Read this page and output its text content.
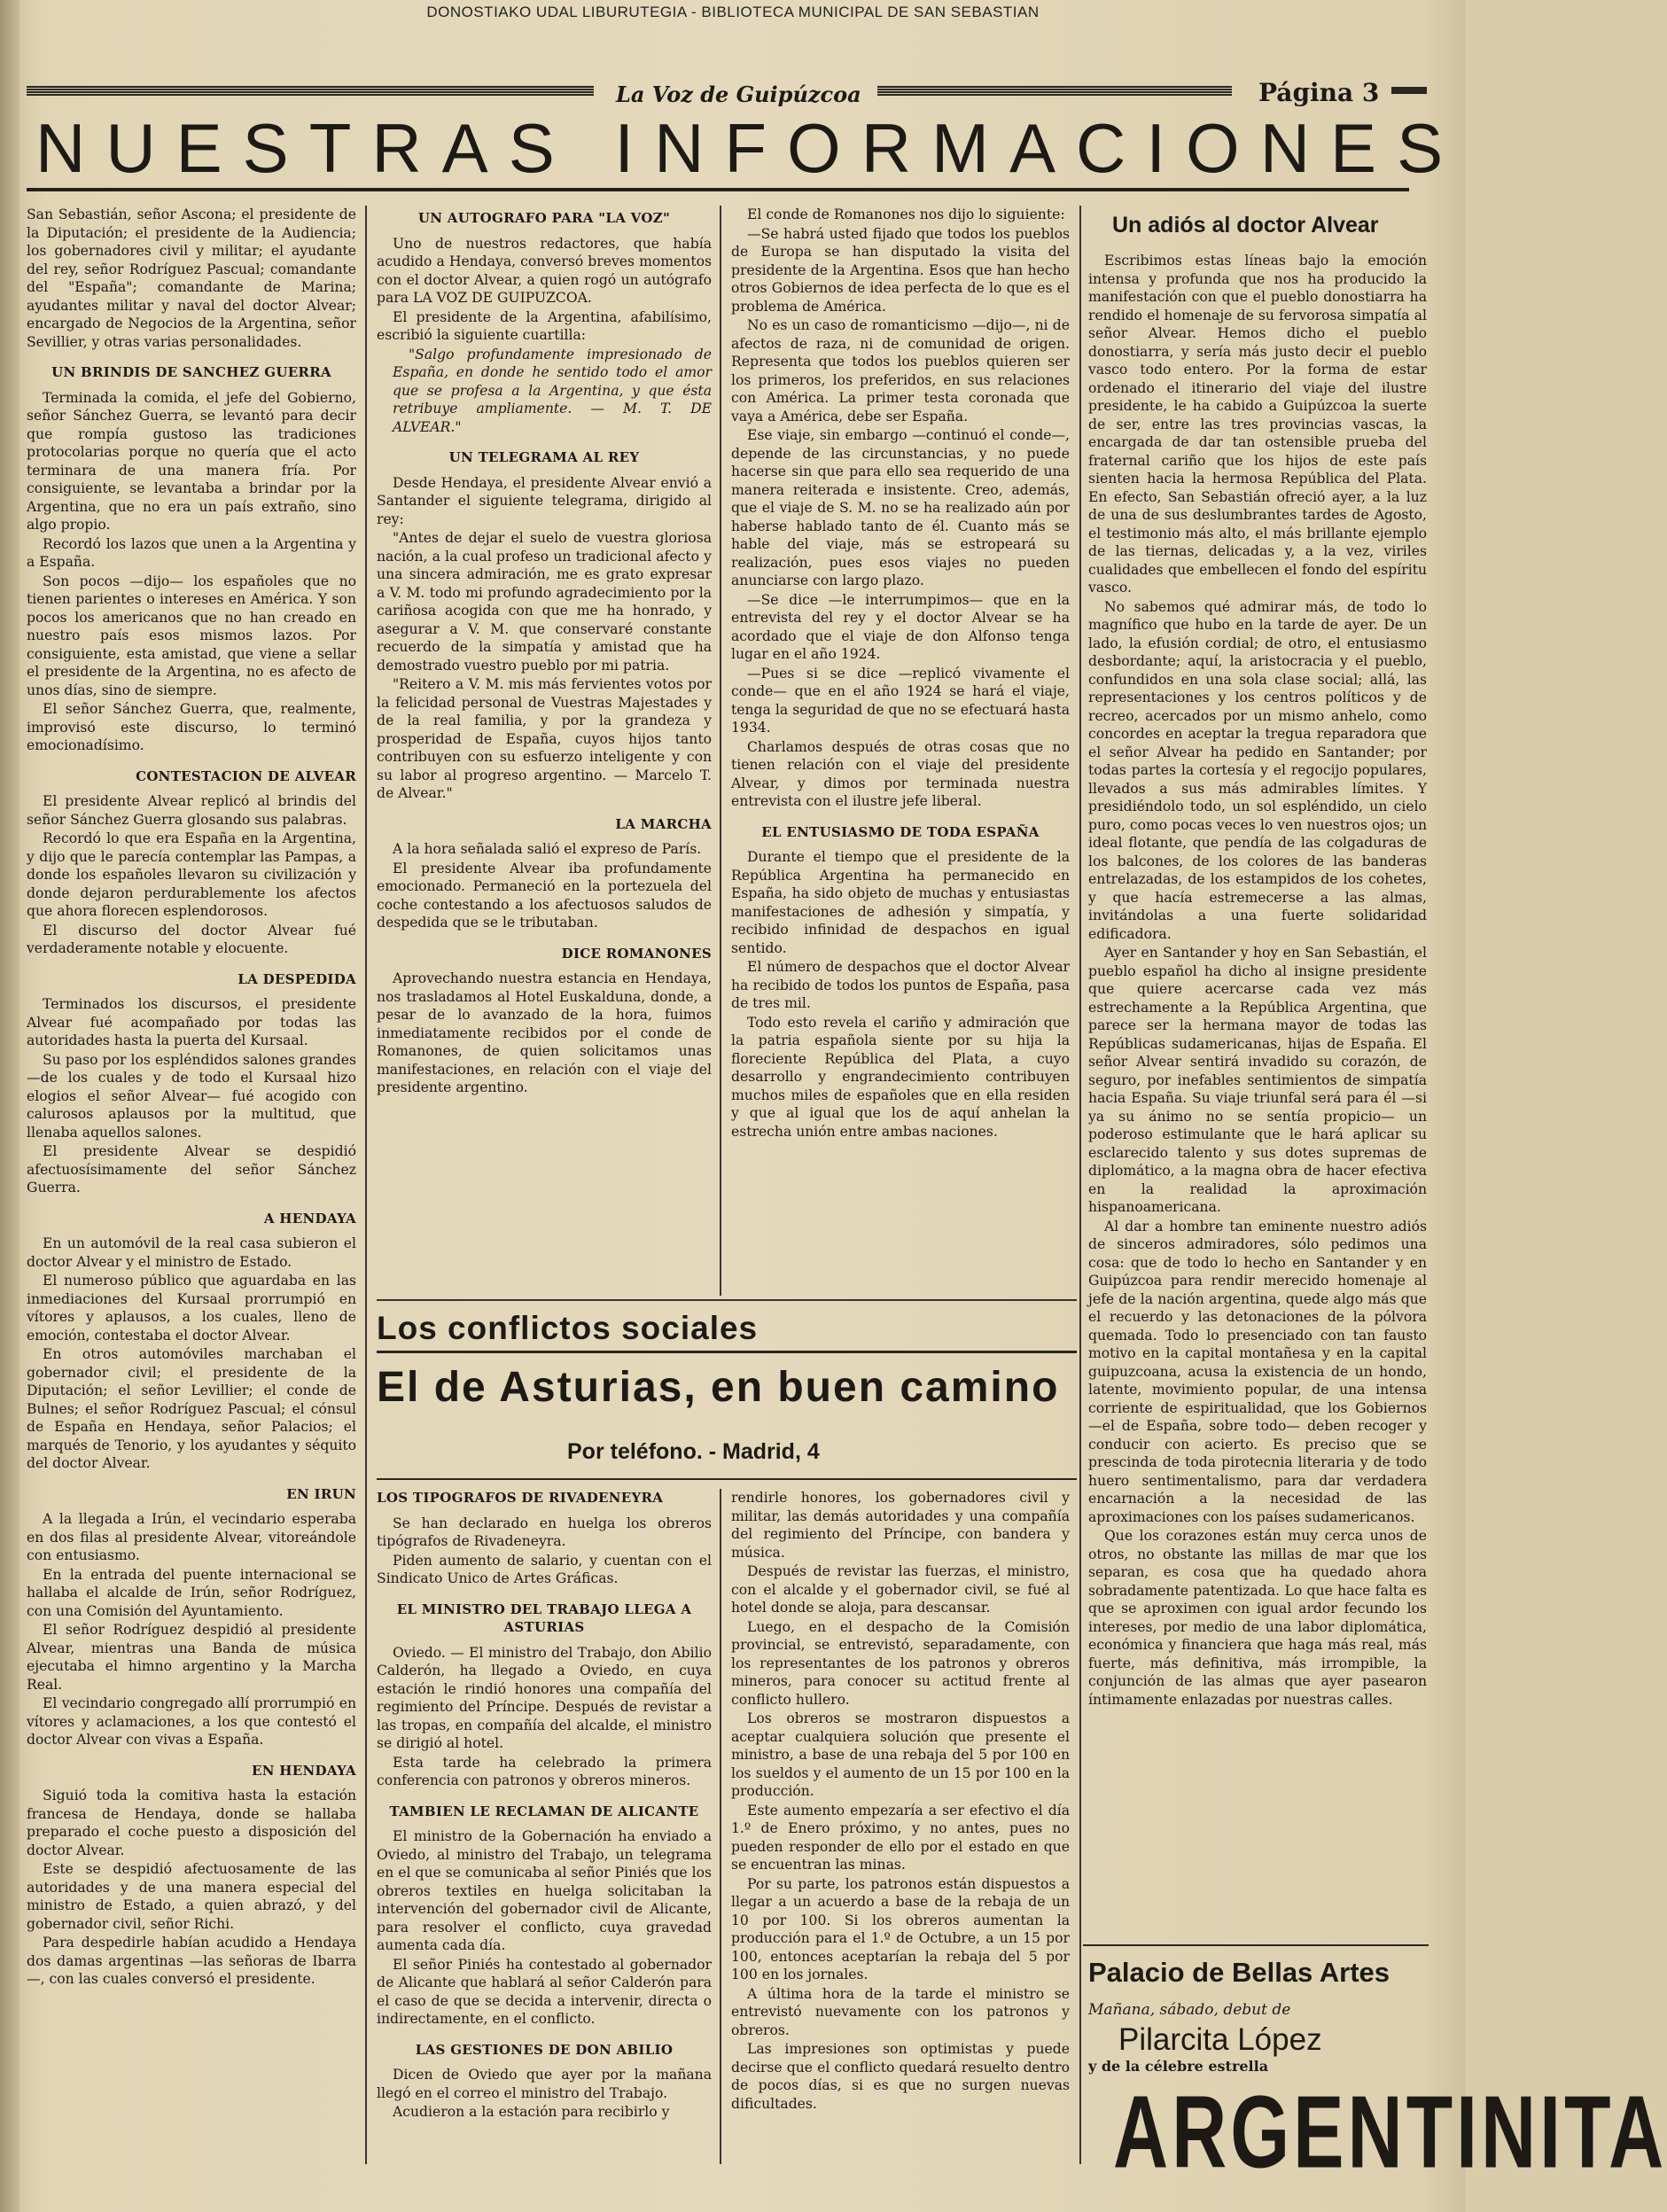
DONOSTIAKO UDAL LIBURUTEGIA - BIBLIOTECA MUNICIPAL DE SAN SEBASTIAN
La Voz de Guipúzcoa	Página 3
NUESTRAS INFORMACIONES

San Sebastián, señor Ascona; el presidente de la Diputación; el presidente de la Audiencia; los gobernadores civil y militar; el ayudante del rey, señor Rodríguez Pascual; comandante del "España"; comandante de Marina; ayudantes militar y naval del doctor Alvear; encargado de Negocios de la Argentina, señor Sevillier, y otras varias personalidades.

UN BRINDIS DE SANCHEZ GUERRA

Terminada la comida, el jefe del Gobierno, señor Sánchez Guerra, se levantó para decir que rompía gustoso las tradiciones protocolarias porque no quería que el acto terminara de una manera fría. Por consiguiente, se levantaba a brindar por la Argentina, que no era un país extraño, sino algo propio.

Recordó los lazos que unen a la Argentina y a España.

Son pocos —dijo— los españoles que no tienen parientes o intereses en América. Y son pocos los americanos que no han creado en nuestro país esos mismos lazos. Por consiguiente, esta amistad, que viene a sellar el presidente de la Argentina, no es afecto de unos días, sino de siempre.

El señor Sánchez Guerra, que, realmente, improvisó este discurso, lo terminó emocionadísimo.

CONTESTACION DE ALVEAR

El presidente Alvear replicó al brindis del señor Sánchez Guerra glosando sus palabras.

Recordó lo que era España en la Argentina, y dijo que le parecía contemplar las Pampas, a donde los españoles llevaron su civilización y donde dejaron perdurablemente los afectos que ahora florecen esplendorosos.

El discurso del doctor Alvear fué verdaderamente notable y elocuente.

LA DESPEDIDA

Terminados los discursos, el presidente Alvear fué acompañado por todas las autoridades hasta la puerta del Kursaal.

Su paso por los espléndidos salones grandes —de los cuales y de todo el Kursaal hizo elogios el señor Alvear— fué acogido con calurosos aplausos por la multitud, que llenaba aquellos salones.

El presidente Alvear se despidió afectuosísimamente del señor Sánchez Guerra.

A HENDAYA

En un automóvil de la real casa subieron el doctor Alvear y el ministro de Estado.

El numeroso público que aguardaba en las inmediaciones del Kursaal prorrumpió en vítores y aplausos, a los cuales, lleno de emoción, contestaba el doctor Alvear.

En otros automóviles marchaban el gobernador civil; el presidente de la Diputación; el señor Levillier; el conde de Bulnes; el señor Rodríguez Pascual; el cónsul de España en Hendaya, señor Palacios; el marqués de Tenorio, y los ayudantes y séquito del doctor Alvear.

EN IRUN

A la llegada a Irún, el vecindario esperaba en dos filas al presidente Alvear, vitoreándole con entusiasmo.

En la entrada del puente internacional se hallaba el alcalde de Irún, señor Rodríguez, con una Comisión del Ayuntamiento.

El señor Rodríguez despidió al presidente Alvear, mientras una Banda de música ejecutaba el himno argentino y la Marcha Real.

El vecindario congregado allí prorrumpió en vítores y aclamaciones, a los que contestó el doctor Alvear con vivas a España.

EN HENDAYA

Siguió toda la comitiva hasta la estación francesa de Hendaya, donde se hallaba preparado el coche puesto a disposición del doctor Alvear.

Este se despidió afectuosamente de las autoridades y de una manera especial del ministro de Estado, a quien abrazó, y del gobernador civil, señor Richi.

Para despedirle habían acudido a Hendaya dos damas argentinas —las señoras de Ibarra—, con las cuales conversó el presidente.

UN AUTOGRAFO PARA "LA VOZ"

Uno de nuestros redactores, que había acudido a Hendaya, conversó breves momentos con el doctor Alvear, a quien rogó un autógrafo para LA VOZ DE GUIPUZCOA.

El presidente de la Argentina, afabilísimo, escribió la siguiente cuartilla:

"Salgo profundamente impresionado de España, en donde he sentido todo el amor que se profesa a la Argentina, y que ésta retribuye ampliamente. — M. T. DE ALVEAR."

UN TELEGRAMA AL REY

Desde Hendaya, el presidente Alvear envió a Santander el siguiente telegrama, dirigido al rey:

"Antes de dejar el suelo de vuestra gloriosa nación, a la cual profeso un tradicional afecto y una sincera admiración, me es grato expresar a V. M. todo mi profundo agradecimiento por la cariñosa acogida con que me ha honrado, y asegurar a V. M. que conservaré constante recuerdo de la simpatía y amistad que ha demostrado vuestro pueblo por mi patria.

"Reitero a V. M. mis más fervientes votos por la felicidad personal de Vuestras Majestades y de la real familia, y por la grandeza y prosperidad de España, cuyos hijos tanto contribuyen con su esfuerzo inteligente y con su labor al progreso argentino. — Marcelo T. de Alvear."

LA MARCHA

A la hora señalada salió el expreso de París.

El presidente Alvear iba profundamente emocionado. Permaneció en la portezuela del coche contestando a los afectuosos saludos de despedida que se le tributaban.

DICE ROMANONES

Aprovechando nuestra estancia en Hendaya, nos trasladamos al Hotel Euskalduna, donde, a pesar de lo avanzado de la hora, fuimos inmediatamente recibidos por el conde de Romanones, de quien solicitamos unas manifestaciones, en relación con el viaje del presidente argentino.

El conde de Romanones nos dijo lo siguiente:

—Se habrá usted fijado que todos los pueblos de Europa se han disputado la visita del presidente de la Argentina. Esos que han hecho otros Gobiernos de idea perfecta de lo que es el problema de América.

No es un caso de romanticismo —dijo—, ni de afectos de raza, ni de comunidad de origen. Representa que todos los pueblos quieren ser los primeros, los preferidos, en sus relaciones con América. La primer testa coronada que vaya a América, debe ser España.

Ese viaje, sin embargo —continuó el conde—, depende de las circunstancias, y no puede hacerse sin que para ello sea requerido de una manera reiterada e insistente. Creo, además, que el viaje de S. M. no se ha realizado aún por haberse hablado tanto de él. Cuanto más se hable del viaje, más se estropeará su realización, pues esos viajes no pueden anunciarse con largo plazo.

—Se dice —le interrumpimos— que en la entrevista del rey y el doctor Alvear se ha acordado que el viaje de don Alfonso tenga lugar en el año 1924.

—Pues si se dice —replicó vivamente el conde— que en el año 1924 se hará el viaje, tenga la seguridad de que no se efectuará hasta 1934.

Charlamos después de otras cosas que no tienen relación con el viaje del presidente Alvear, y dimos por terminada nuestra entrevista con el ilustre jefe liberal.

EL ENTUSIASMO DE TODA ESPAÑA

Durante el tiempo que el presidente de la República Argentina ha permanecido en España, ha sido objeto de muchas y entusiastas manifestaciones de adhesión y simpatía, y recibido infinidad de despachos en igual sentido.

El número de despachos que el doctor Alvear ha recibido de todos los puntos de España, pasa de tres mil.

Todo esto revela el cariño y admiración que la patria española siente por su hija la floreciente República del Plata, a cuyo desarrollo y engrandecimiento contribuyen muchos miles de españoles que en ella residen y que al igual que los de aquí anhelan la estrecha unión entre ambas naciones.

Un adiós al doctor Alvear

Escribimos estas líneas bajo la emoción intensa y profunda que nos ha producido la manifestación con que el pueblo donostiarra ha rendido el homenaje de su fervorosa simpatía al señor Alvear. Hemos dicho el pueblo donostiarra, y sería más justo decir el pueblo vasco todo entero. Por la forma de estar ordenado el itinerario del viaje del ilustre presidente, le ha cabido a Guipúzcoa la suerte de ser, entre las tres provincias vascas, la encargada de dar tan ostensible prueba del fraternal cariño que los hijos de este país sienten hacia la hermosa República del Plata. En efecto, San Sebastián ofreció ayer, a la luz de una de sus deslumbrantes tardes de Agosto, el testimonio más alto, el más brillante ejemplo de las tiernas, delicadas y, a la vez, viriles cualidades que embellecen el fondo del espíritu vasco.

No sabemos qué admirar más, de todo lo magnífico que hubo en la tarde de ayer. De un lado, la efusión cordial; de otro, el entusiasmo desbordante; aquí, la aristocracia y el pueblo, confundidos en una sola clase social; allá, las representaciones y los centros políticos y de recreo, acercados por un mismo anhelo, como concordes en aceptar la tregua reparadora que el señor Alvear ha pedido en Santander; por todas partes la cortesía y el regocijo populares, llevados a sus más admirables límites. Y presidiéndolo todo, un sol espléndido, un cielo puro, como pocas veces lo ven nuestros ojos; un ideal flotante, que pendía de las colgaduras de los balcones, de los colores de las banderas entrelazadas, de los estampidos de los cohetes, y que hacía estremecerse a las almas, invitándolas a una fuerte solidaridad edificadora.

Ayer en Santander y hoy en San Sebastián, el pueblo español ha dicho al insigne presidente que quiere acercarse cada vez más estrechamente a la República Argentina, que parece ser la hermana mayor de todas las Repúblicas sudamericanas, hijas de España. El señor Alvear sentirá invadido su corazón, de seguro, por inefables sentimientos de simpatía hacia España. Su viaje triunfal será para él —si ya su ánimo no se sentía propicio— un poderoso estimulante que le hará aplicar su esclarecido talento y sus dotes supremas de diplomático, a la magna obra de hacer efectiva en la realidad la aproximación hispanoamericana.

Al dar a hombre tan eminente nuestro adiós de sinceros admiradores, sólo pedimos una cosa: que de todo lo hecho en Santander y en Guipúzcoa para rendir merecido homenaje al jefe de la nación argentina, quede algo más que el recuerdo y las detonaciones de la pólvora quemada. Todo lo presenciado con tan fausto motivo en la capital montañesa y en la capital guipuzcoana, acusa la existencia de un hondo, latente, movimiento popular, de una intensa corriente de espiritualidad, que los Gobiernos —el de España, sobre todo— deben recoger y conducir con acierto. Es preciso que se prescinda de toda pirotecnia literaria y de todo huero sentimentalismo, para dar verdadera encarnación a la necesidad de las aproximaciones con los países sudamericanos.

Que los corazones están muy cerca unos de otros, no obstante las millas de mar que los separan, es cosa que ha quedado ahora sobradamente patentizada. Lo que hace falta es que se aproximen con igual ardor fecundo los intereses, por medio de una labor diplomática, económica y financiera que haga más real, más fuerte, más definitiva, más irrompible, la conjunción de las almas que ayer pasearon íntimamente enlazadas por nuestras calles.

Palacio de Bellas Artes
Mañana, sábado, debut de
Pilarcita López
y de la célebre estrella
ARGENTINITA
Los conflictos sociales
El de Asturias, en buen camino
Por teléfono. - Madrid, 4
LOS TIPOGRAFOS DE RIVADENEYRA

Se han declarado en huelga los obreros tipógrafos de Rivadeneyra.

Piden aumento de salario, y cuentan con el Sindicato Unico de Artes Gráficas.

EL MINISTRO DEL TRABAJO LLEGA A ASTURIAS

Oviedo. — El ministro del Trabajo, don Abilio Calderón, ha llegado a Oviedo, en cuya estación le rindió honores una compañía del regimiento del Príncipe. Después de revistar a las tropas, en compañía del alcalde, el ministro se dirigió al hotel.

Esta tarde ha celebrado la primera conferencia con patronos y obreros mineros.

TAMBIEN LE RECLAMAN DE ALICANTE

El ministro de la Gobernación ha enviado a Oviedo, al ministro del Trabajo, un telegrama en el que se comunicaba al señor Piniés que los obreros textiles en huelga solicitaban la intervención del gobernador civil de Alicante, para resolver el conflicto, cuya gravedad aumenta cada día.

El señor Piniés ha contestado al gobernador de Alicante que hablará al señor Calderón para el caso de que se decida a intervenir, directa o indirectamente, en el conflicto.

LAS GESTIONES DE DON ABILIO

Dicen de Oviedo que ayer por la mañana llegó en el correo el ministro del Trabajo.

Acudieron a la estación para recibirlo y

rendirle honores, los gobernadores civil y militar, las demás autoridades y una compañía del regimiento del Príncipe, con bandera y música.

Después de revistar las fuerzas, el ministro, con el alcalde y el gobernador civil, se fué al hotel donde se aloja, para descansar.

Luego, en el despacho de la Comisión provincial, se entrevistó, separadamente, con los representantes de los patronos y obreros mineros, para conocer su actitud frente al conflicto hullero.

Los obreros se mostraron dispuestos a aceptar cualquiera solución que presente el ministro, a base de una rebaja del 5 por 100 en los sueldos y el aumento de un 15 por 100 en la producción.

Este aumento empezaría a ser efectivo el día 1.º de Enero próximo, y no antes, pues no pueden responder de ello por el estado en que se encuentran las minas.

Por su parte, los patronos están dispuestos a llegar a un acuerdo a base de la rebaja de un 10 por 100. Si los obreros aumentan la producción para el 1.º de Octubre, a un 15 por 100, entonces aceptarían la rebaja del 5 por 100 en los jornales.

A última hora de la tarde el ministro se entrevistó nuevamente con los patronos y obreros.

Las impresiones son optimistas y puede decirse que el conflicto quedará resuelto dentro de pocos días, si es que no surgen nuevas dificultades.
